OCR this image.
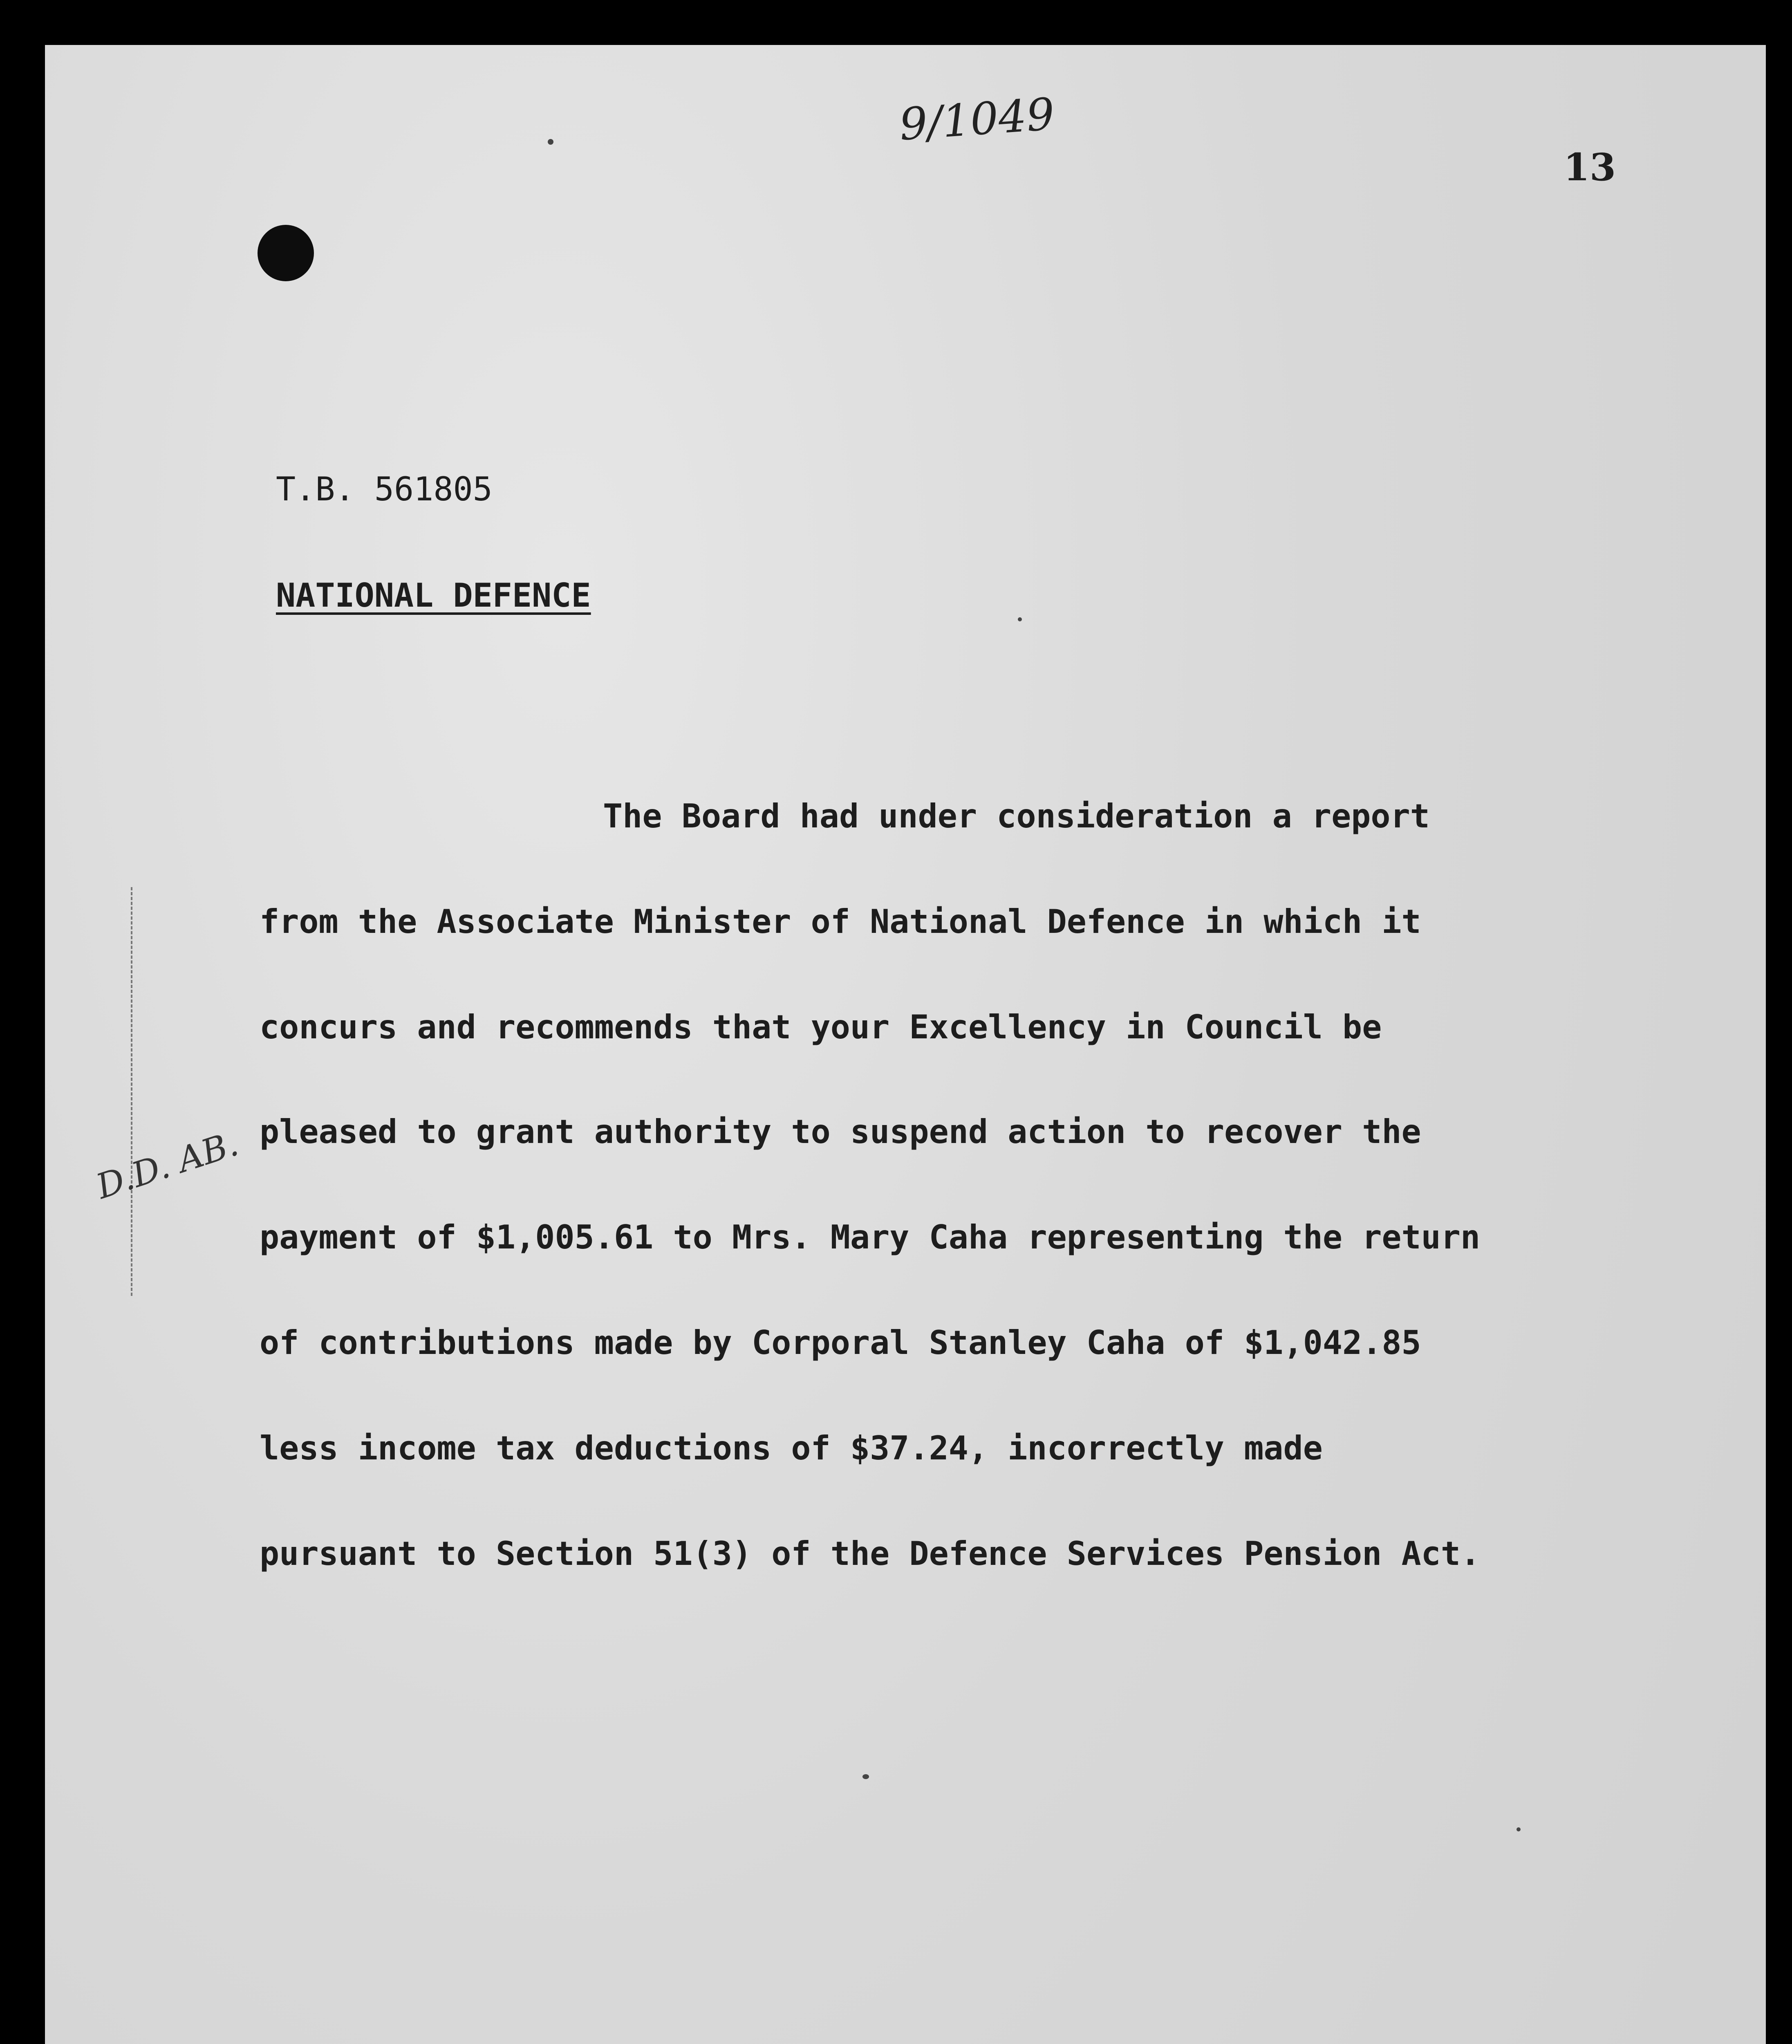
9/1049
13
T.B. 561805
NATIONAL DEFENCE
The Board had under consideration a report
from the Associate Minister of National Defence in which it
concurs and recommends that your Excellency in Council be
pleased to grant authority to suspend action to recover the
payment of $1,005.61 to Mrs. Mary Caha representing the return
of contributions made by Corporal Stanley Caha of $1,042.85
less income tax deductions of $37.24, incorrectly made
pursuant to Section 51(3) of the Defence Services Pension Act.
D.D. AB.
